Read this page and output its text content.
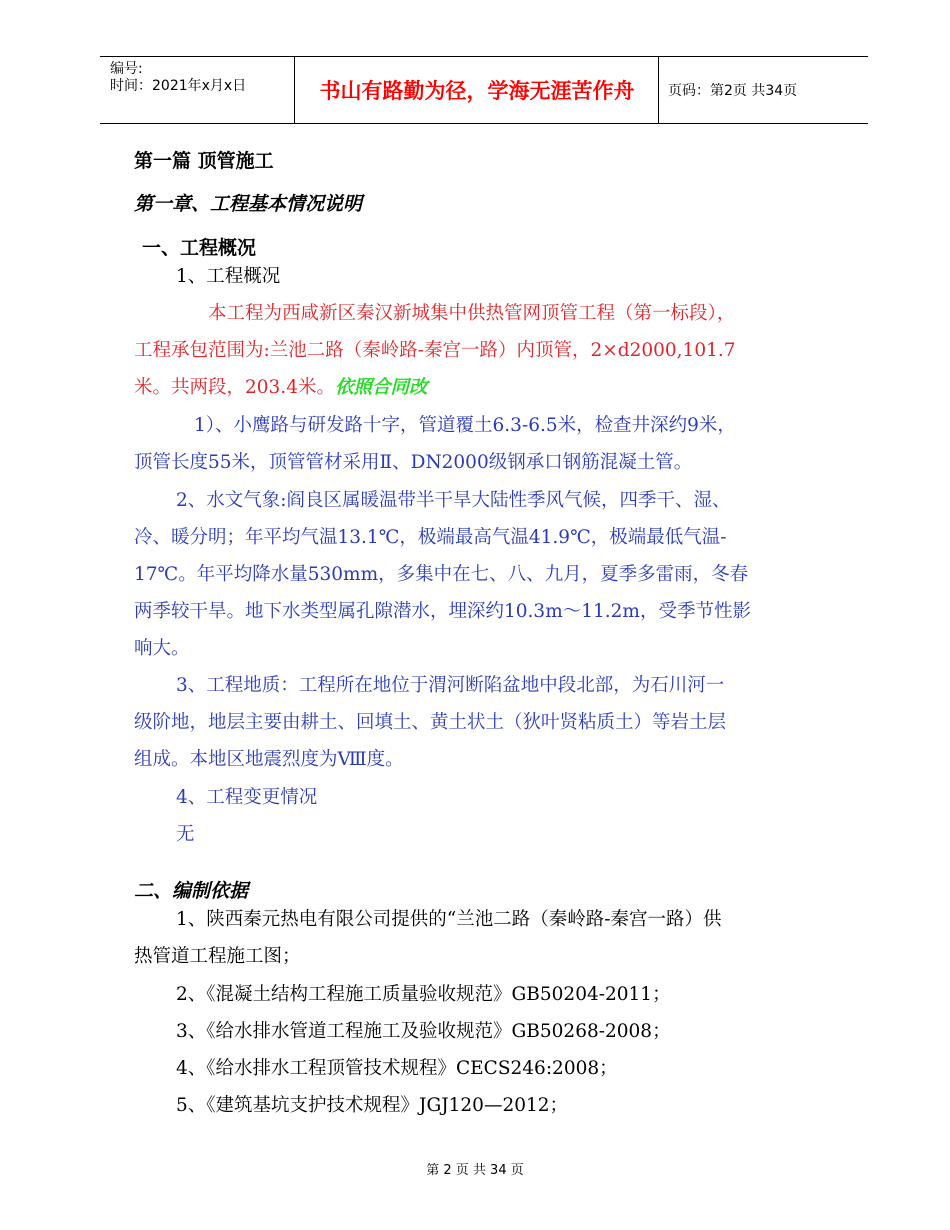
编号:
时间：2021年x月x日	书山有路勤为径，学海无涯苦作舟	页码：第2页 共34页
第一篇 顶管施工
第一章、工程基本情况说明
一、工程概况
1、工程概况
本工程为西咸新区秦汉新城集中供热管网顶管工程（第一标段），
工程承包范围为:兰池二路（秦岭路-秦宫一路）内顶管，2×d2000,101.7
米。共两段，203.4米。依照合同改
1）、小鹰路与研发路十字，管道覆土6.3-6.5米，检查井深约9米，
顶管长度55米，顶管管材采用Ⅱ、DN2000级钢承口钢筋混凝土管。
2、水文气象:阎良区属暖温带半干旱大陆性季风气候，四季干、湿、
冷、暖分明；年平均气温13.1℃，极端最高气温41.9℃，极端最低气温-
17℃。年平均降水量530mm，多集中在七、八、九月，夏季多雷雨，冬春
两季较干旱。地下水类型属孔隙潜水，埋深约10.3m～11.2m，受季节性影
响大。
3、工程地质：工程所在地位于渭河断陷盆地中段北部，为石川河一
级阶地，地层主要由耕土、回填土、黄土状土（狄叶贤粘质土）等岩土层
组成。本地区地震烈度为Ⅷ度。
4、工程变更情况
无
二、编制依据
1、陕西秦元热电有限公司提供的“兰池二路（秦岭路-秦宫一路）供
热管道工程施工图；
2、《混凝土结构工程施工质量验收规范》GB50204-2011；
3、《给水排水管道工程施工及验收规范》GB50268-2008；
4、《给水排水工程顶管技术规程》CECS246:2008；
5、《建筑基坑支护技术规程》JGJ120—2012；
第 2 页 共 34 页
